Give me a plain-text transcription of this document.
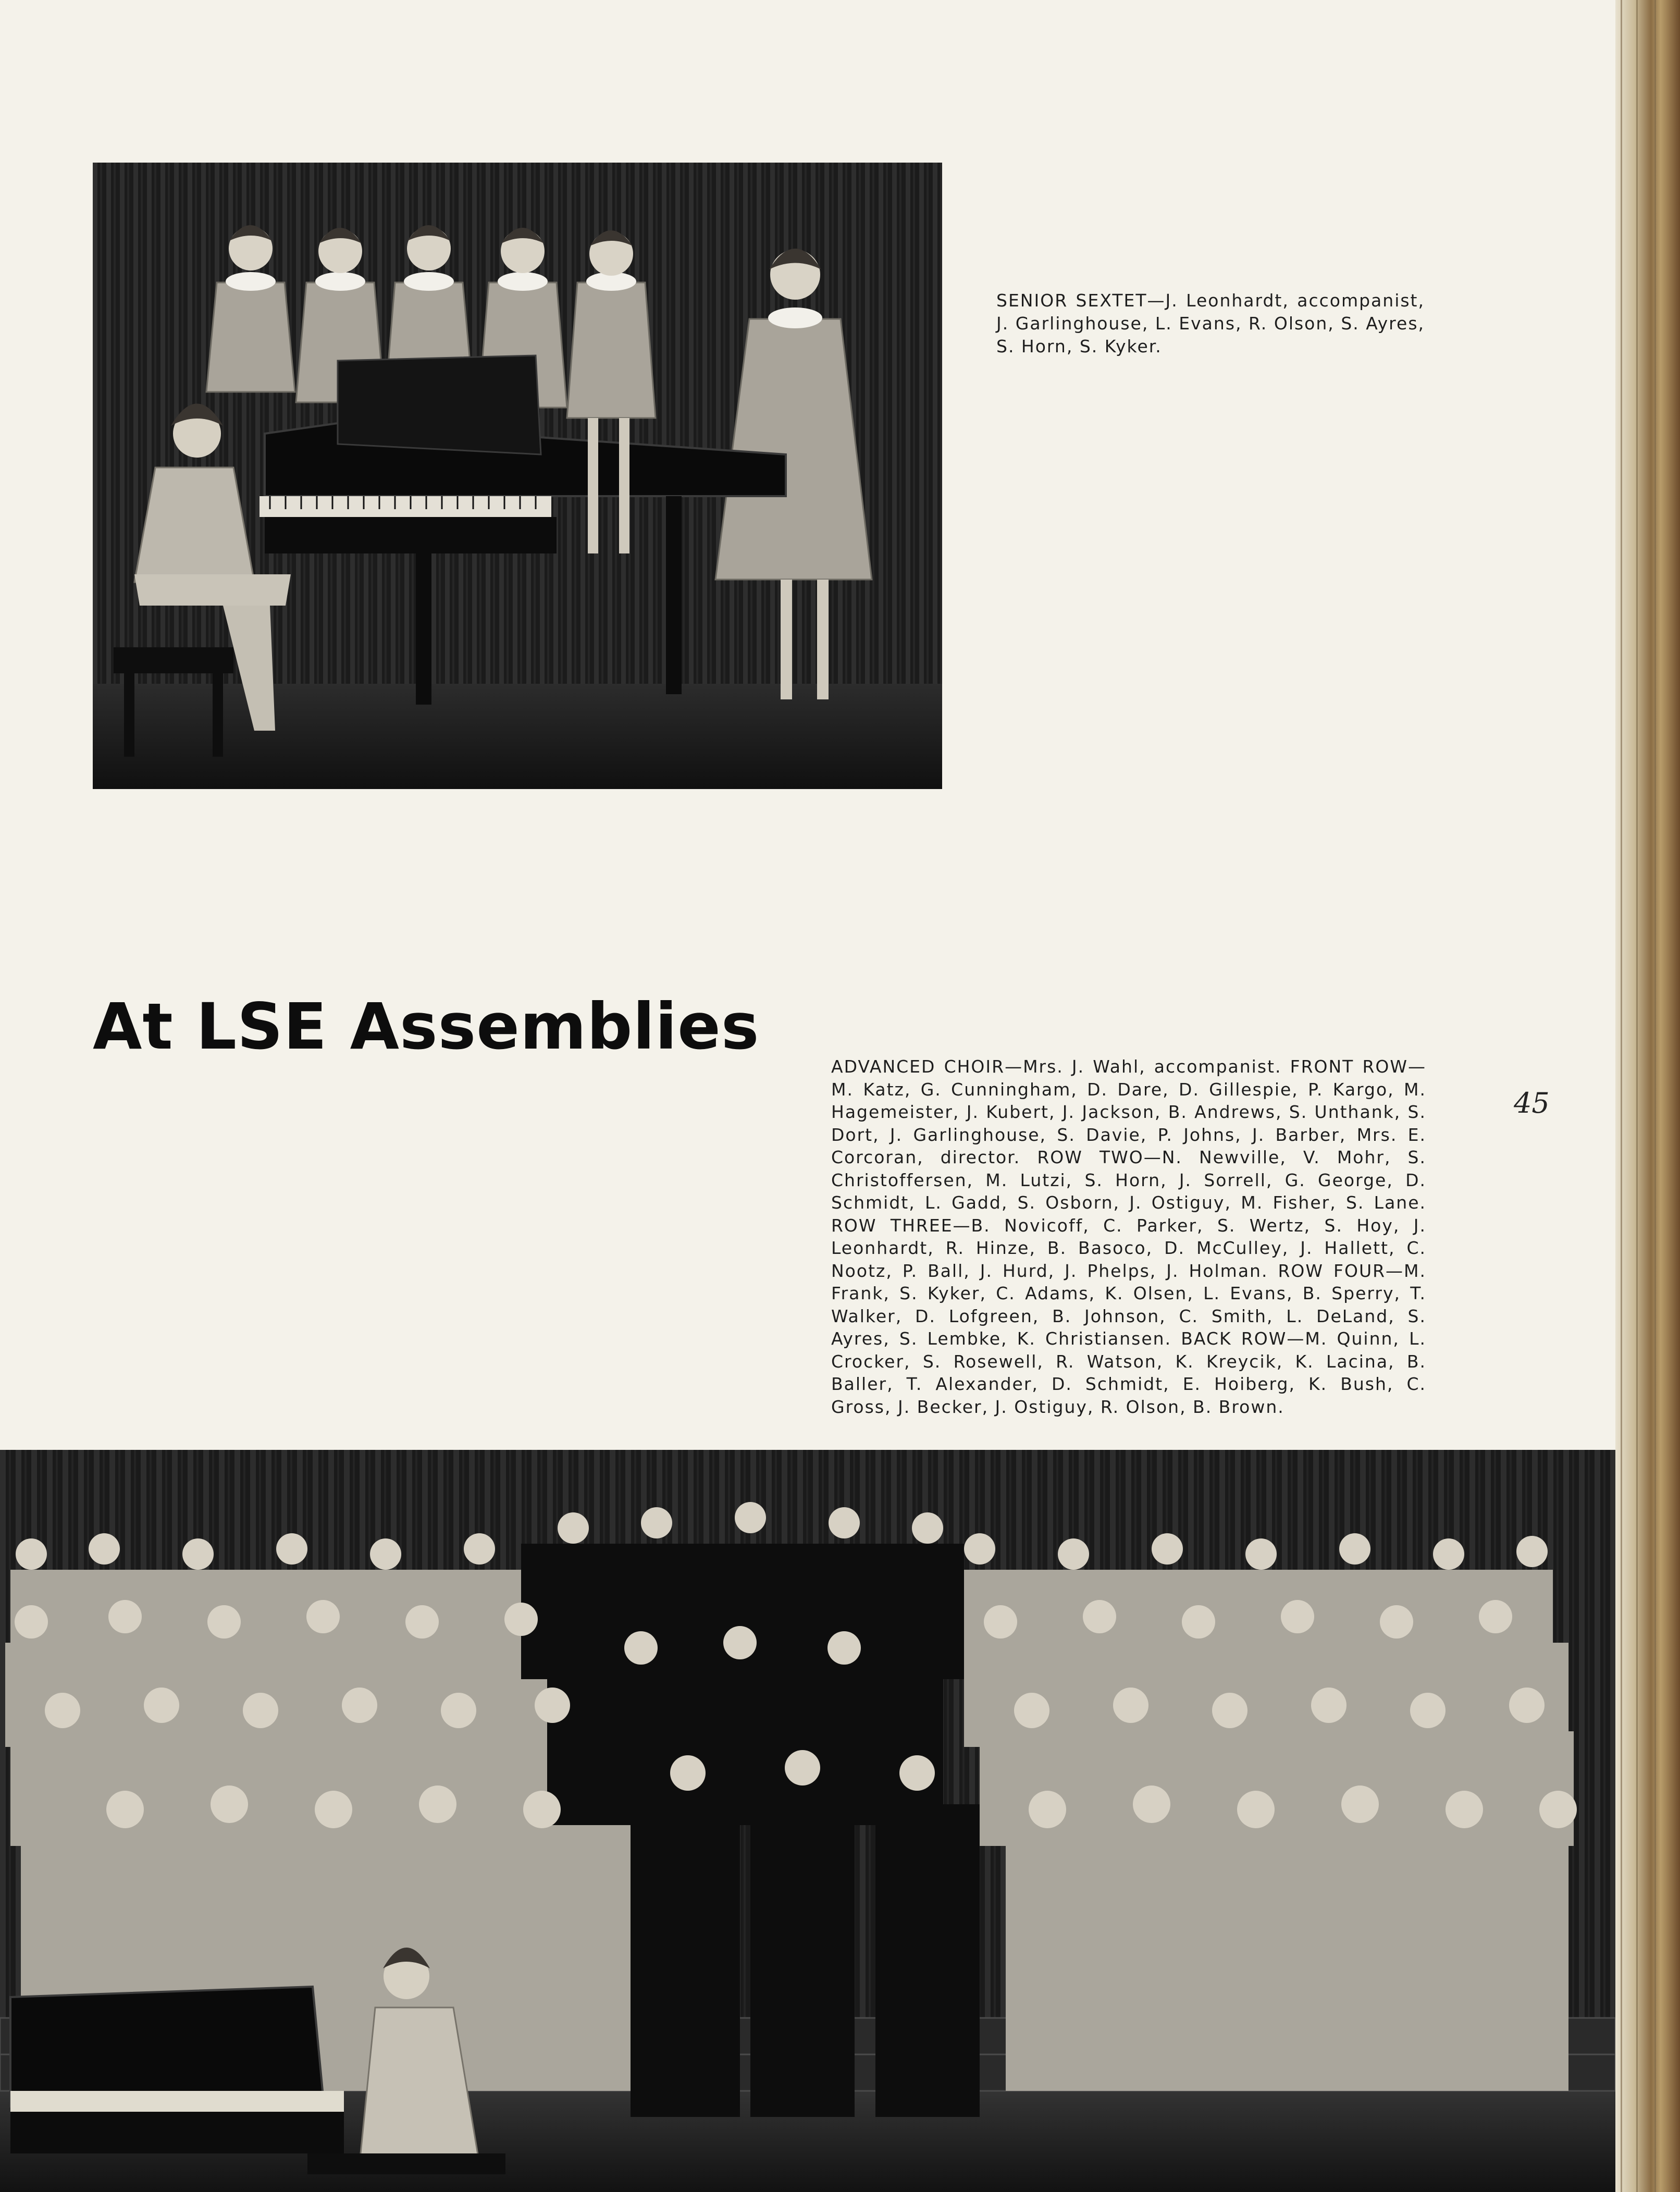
SENIOR SEXTET—J. Leonhardt, accompanist, J. Garlinghouse, L. Evans, R. Olson, S. Ayres, S. Horn, S. Kyker.

At LSE Assemblies
45

ADVANCED CHOIR—Mrs. J. Wahl, accompanist. FRONT ROW—M. Katz, G. Cunningham, D. Dare, D. Gillespie, P. Kargo, M. Hagemeister, J. Kubert, J. Jackson, B. Andrews, S. Unthank, S. Dort, J. Garlinghouse, S. Davie, P. Johns, J. Barber, Mrs. E. Corcoran, director. ROW TWO—N. Newville, V. Mohr, S. Christoffersen, M. Lutzi, S. Horn, J. Sorrell, G. George, D. Schmidt, L. Gadd, S. Osborn, J. Ostiguy, M. Fisher, S. Lane. ROW THREE—B. Novicoff, C. Parker, S. Wertz, S. Hoy, J. Leonhardt, R. Hinze, B. Basoco, D. McCulley, J. Hallett, C. Nootz, P. Ball, J. Hurd, J. Phelps, J. Holman. ROW FOUR—M. Frank, S. Kyker, C. Adams, K. Olsen, L. Evans, B. Sperry, T. Walker, D. Lofgreen, B. Johnson, C. Smith, L. DeLand, S. Ayres, S. Lembke, K. Christiansen. BACK ROW—M. Quinn, L. Crocker, S. Rosewell, R. Watson, K. Kreycik, K. Lacina, B. Baller, T. Alexander, D. Schmidt, E. Hoiberg, K. Bush, C. Gross, J. Becker, J. Ostiguy, R. Olson, B. Brown.
